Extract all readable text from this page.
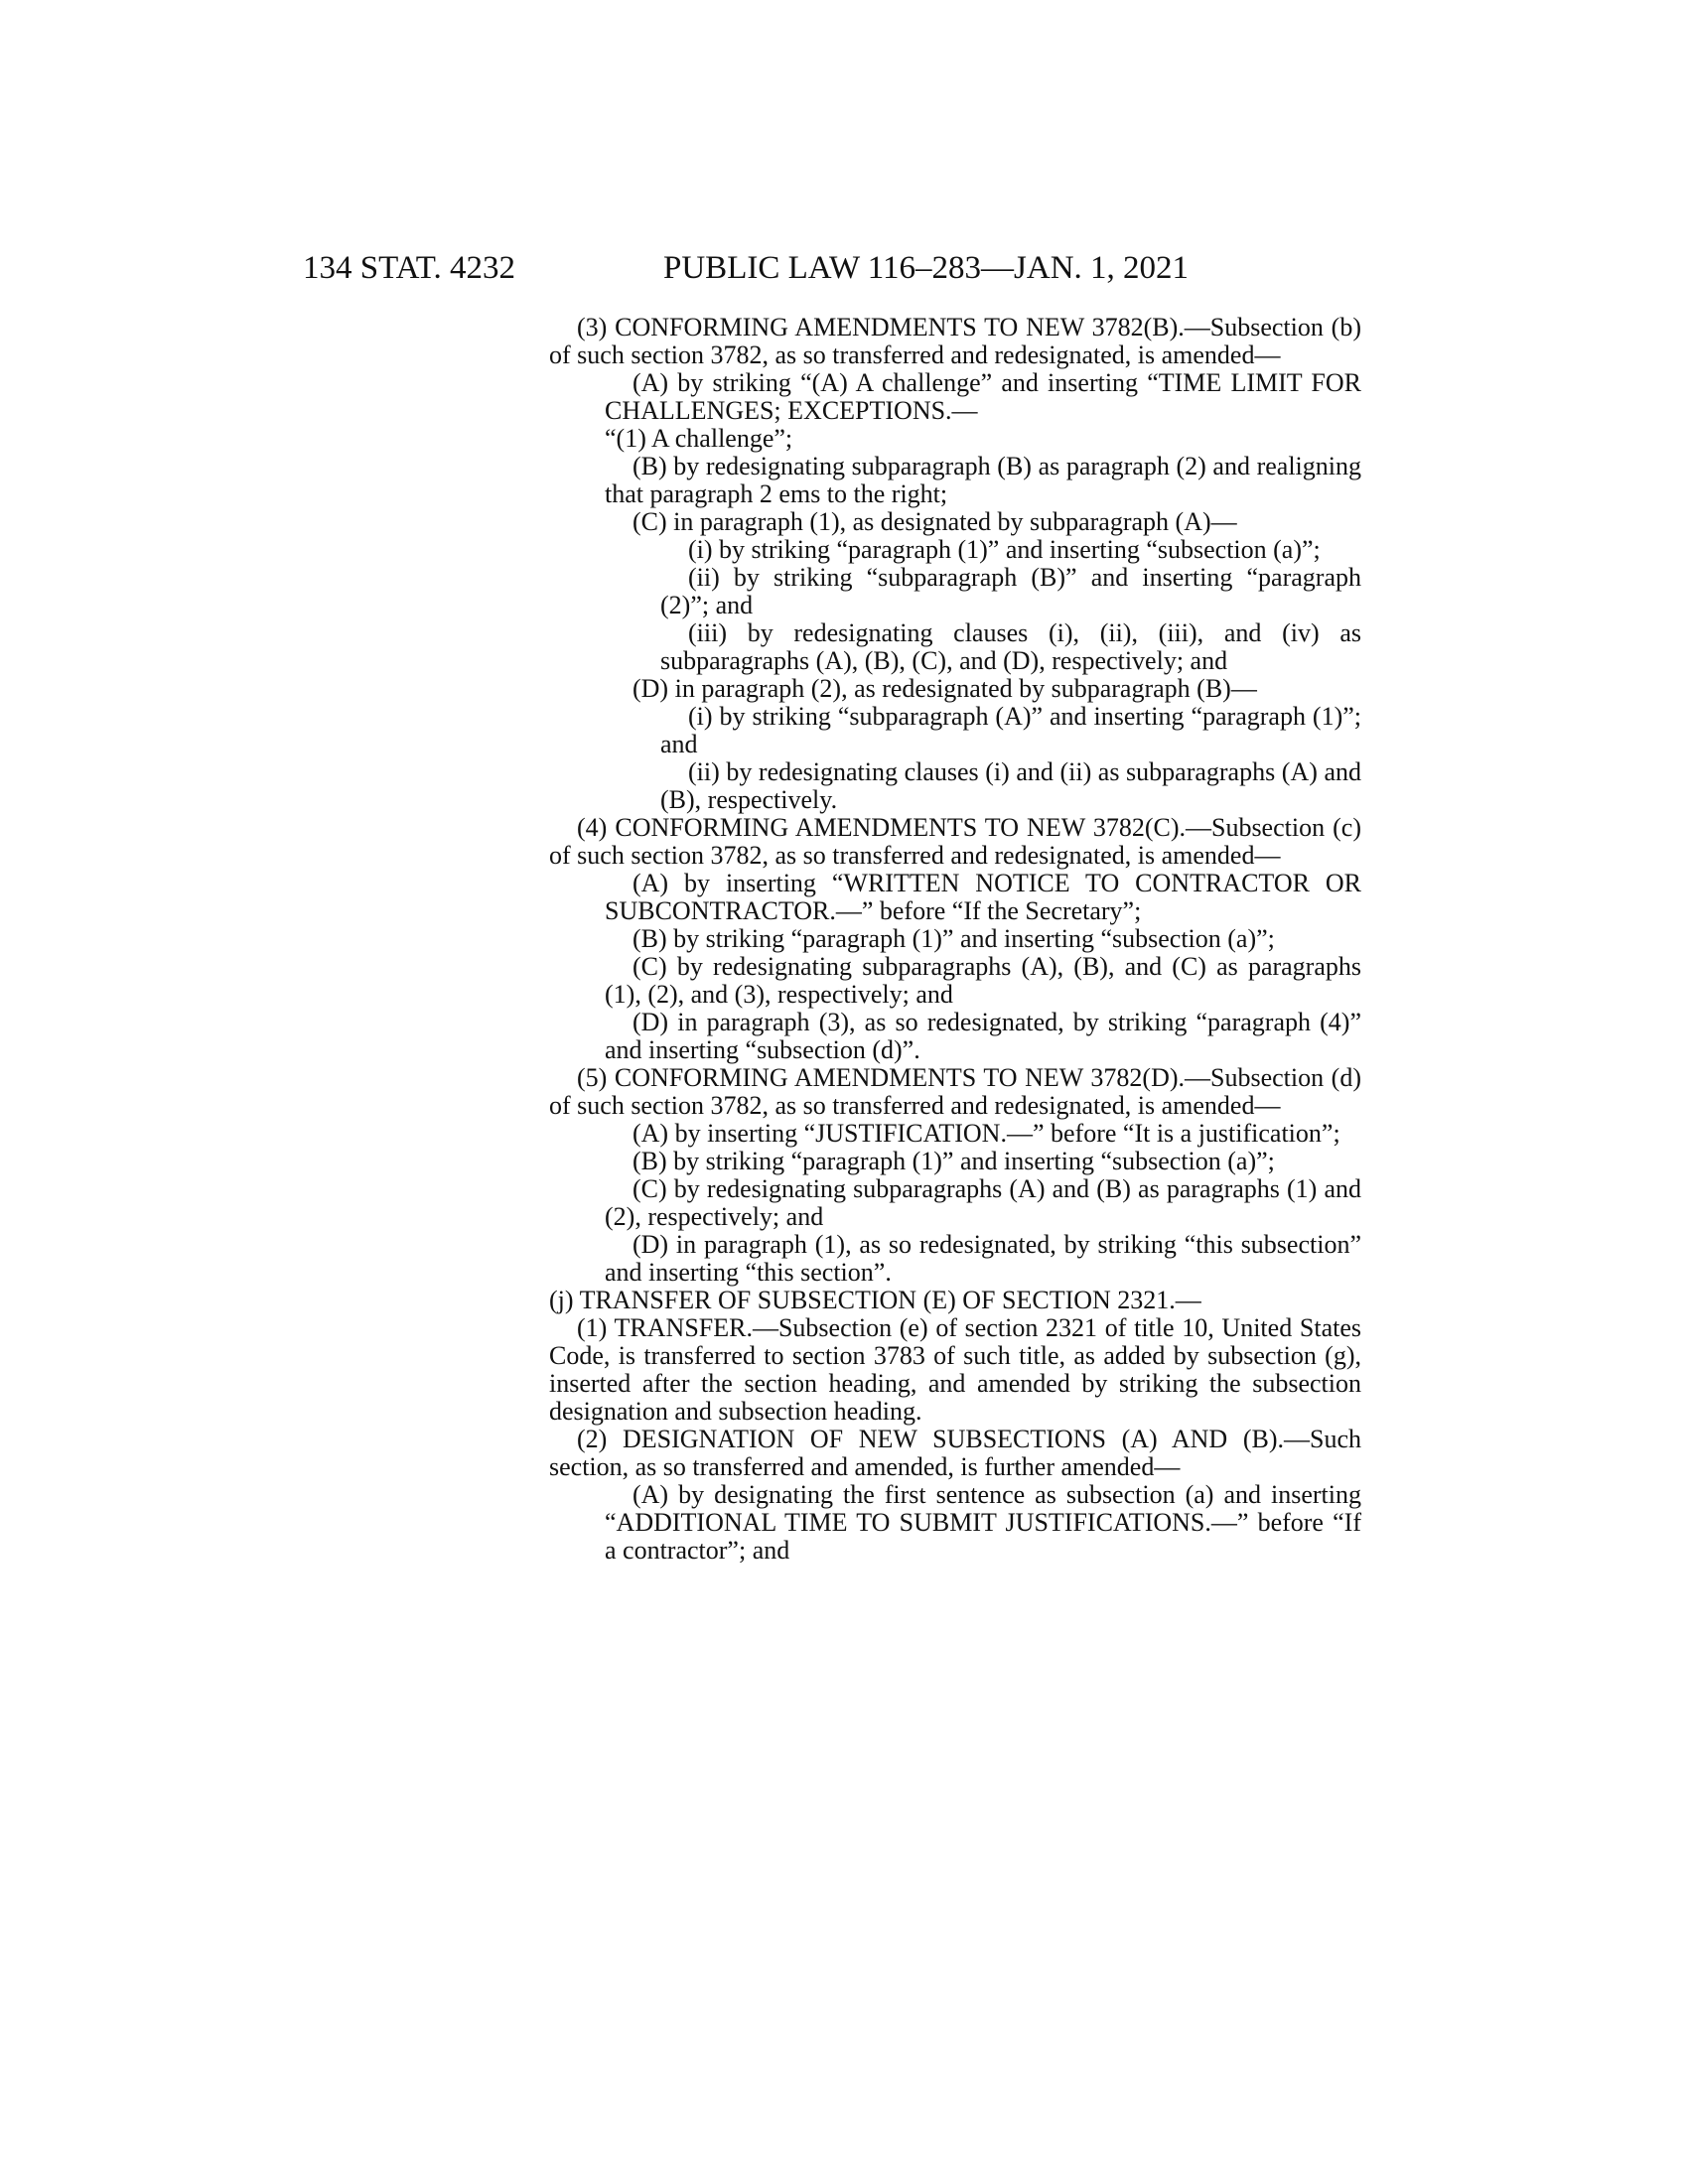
134 STAT. 4232	PUBLIC LAW 116–283—JAN. 1, 2021

(3) CONFORMING AMENDMENTS TO NEW 3782(B).—Subsection (b) of such section 3782, as so transferred and redesignated, is amended—

(A) by striking “(A) A challenge” and inserting “TIME LIMIT FOR CHALLENGES; EXCEPTIONS.—

“(1) A challenge”;

(B) by redesignating subparagraph (B) as paragraph (2) and realigning that paragraph 2 ems to the right;

(C) in paragraph (1), as designated by subparagraph (A)—

(i) by striking “paragraph (1)” and inserting “subsection (a)”;

(ii) by striking “subparagraph (B)” and inserting “paragraph (2)”; and

(iii) by redesignating clauses (i), (ii), (iii), and (iv) as subparagraphs (A), (B), (C), and (D), respectively; and

(D) in paragraph (2), as redesignated by subparagraph (B)—

(i) by striking “subparagraph (A)” and inserting “paragraph (1)”; and

(ii) by redesignating clauses (i) and (ii) as subparagraphs (A) and (B), respectively.

(4) CONFORMING AMENDMENTS TO NEW 3782(C).—Subsection (c) of such section 3782, as so transferred and redesignated, is amended—

(A) by inserting “WRITTEN NOTICE TO CONTRACTOR OR SUBCONTRACTOR.—” before “If the Secretary”;

(B) by striking “paragraph (1)” and inserting “subsection (a)”;

(C) by redesignating subparagraphs (A), (B), and (C) as paragraphs (1), (2), and (3), respectively; and

(D) in paragraph (3), as so redesignated, by striking “paragraph (4)” and inserting “subsection (d)”.

(5) CONFORMING AMENDMENTS TO NEW 3782(D).—Subsection (d) of such section 3782, as so transferred and redesignated, is amended—

(A) by inserting “JUSTIFICATION.—” before “It is a justification”;

(B) by striking “paragraph (1)” and inserting “subsection (a)”;

(C) by redesignating subparagraphs (A) and (B) as paragraphs (1) and (2), respectively; and

(D) in paragraph (1), as so redesignated, by striking “this subsection” and inserting “this section”.

(j) TRANSFER OF SUBSECTION (E) OF SECTION 2321.—

(1) TRANSFER.—Subsection (e) of section 2321 of title 10, United States Code, is transferred to section 3783 of such title, as added by subsection (g), inserted after the section heading, and amended by striking the subsection designation and subsection heading.

(2) DESIGNATION OF NEW SUBSECTIONS (A) AND (B).—Such section, as so transferred and amended, is further amended—

(A) by designating the first sentence as subsection (a) and inserting “ADDITIONAL TIME TO SUBMIT JUSTIFICATIONS.—” before “If a contractor”; and
